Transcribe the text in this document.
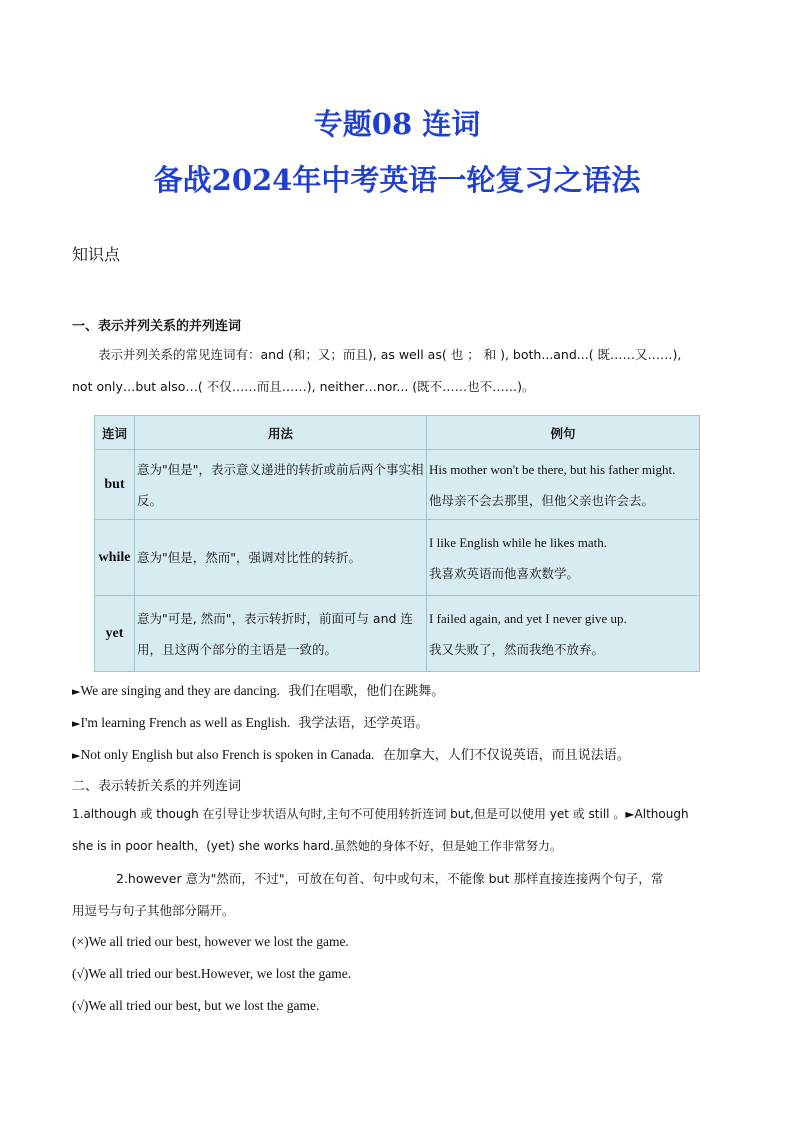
专题08 连词
备战2024年中考英语一轮复习之语法
知识点
一、表示并列关系的并列连词
表示并列关系的常见连词有：and (和；又；而且), as well as( 也 ； 和 ), both...and...( 既……又……),
not only…but also…( 不仅……而且……), neither…nor... (既不……也不……)。
连词	用法	例句
but	意为"但是"，表示意义递进的转折或前后两个事实相反。	His mother won't be there, but his father might.
他母亲不会去那里，但他父亲也许会去。

while	意为"但是，然而"，强调对比性的转折。	I like English while he likes math.
我喜欢英语而他喜欢数学。

yet	意为"可是, 然而"，表示转折时，前面可与 and 连用，且这两个部分的主语是一致的。	I failed again, and yet I never give up.
我又失败了，然而我绝不放弃。
►We are singing and they are dancing. 我们在唱歌，他们在跳舞。
►I'm learning French as well as English. 我学法语，还学英语。
►Not only English but also French is spoken in Canada. 在加拿大，人们不仅说英语，而且说法语。
二、表示转折关系的并列连词
1.although 或 though 在引导让步状语从句时,主句不可使用转折连词 but,但是可以使用 yet 或 still 。►Although
she is in poor health，(yet) she works hard.虽然她的身体不好，但是她工作非常努力。
2.however 意为"然而，不过"，可放在句首、句中或句末，不能像 but 那样直接连接两个句子，常
用逗号与句子其他部分隔开。
(×)We all tried our best, however we lost the game.
(√)We all tried our best.However, we lost the game.
(√)We all tried our best, but we lost the game.
